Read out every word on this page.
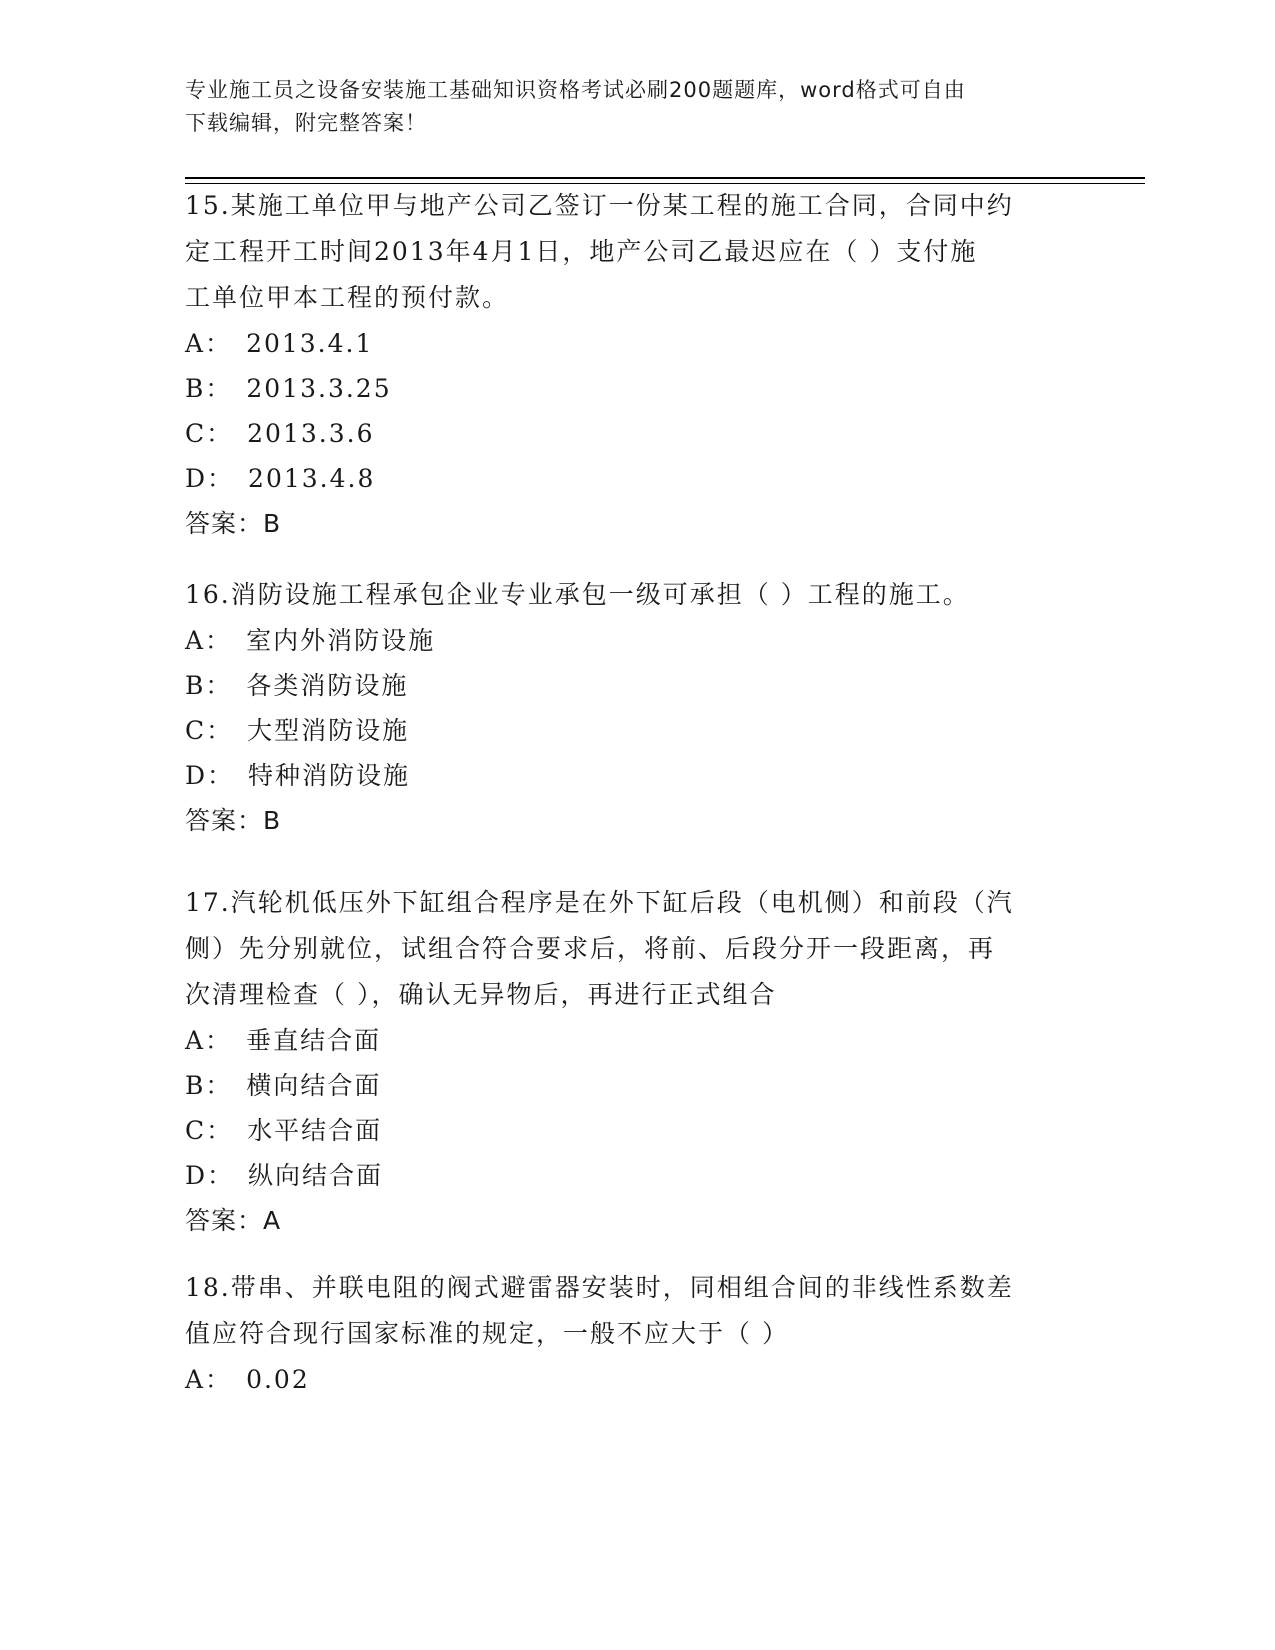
专业施工员之设备安装施工基础知识资格考试必刷200题题库，word格式可自由
下载编辑，附完整答案！

15.某施工单位甲与地产公司乙签订一份某工程的施工合同，合同中约

定工程开工时间2013年4月1日，地产公司乙最迟应在（ ）支付施

工单位甲本工程的预付款。

A： 2013.4.1

B： 2013.3.25

C： 2013.3.6

D： 2013.4.8

答案：B

16.消防设施工程承包企业专业承包一级可承担（ ）工程的施工。

A： 室内外消防设施

B： 各类消防设施

C： 大型消防设施

D： 特种消防设施

答案：B

17.汽轮机低压外下缸组合程序是在外下缸后段（电机侧）和前段（汽

侧）先分别就位，试组合符合要求后，将前、后段分开一段距离，再

次清理检查（ ），确认无异物后，再进行正式组合

A： 垂直结合面

B： 横向结合面

C： 水平结合面

D： 纵向结合面

答案：A

18.带串、并联电阻的阀式避雷器安装时，同相组合间的非线性系数差

值应符合现行国家标准的规定，一般不应大于（ ）

A： 0.02
